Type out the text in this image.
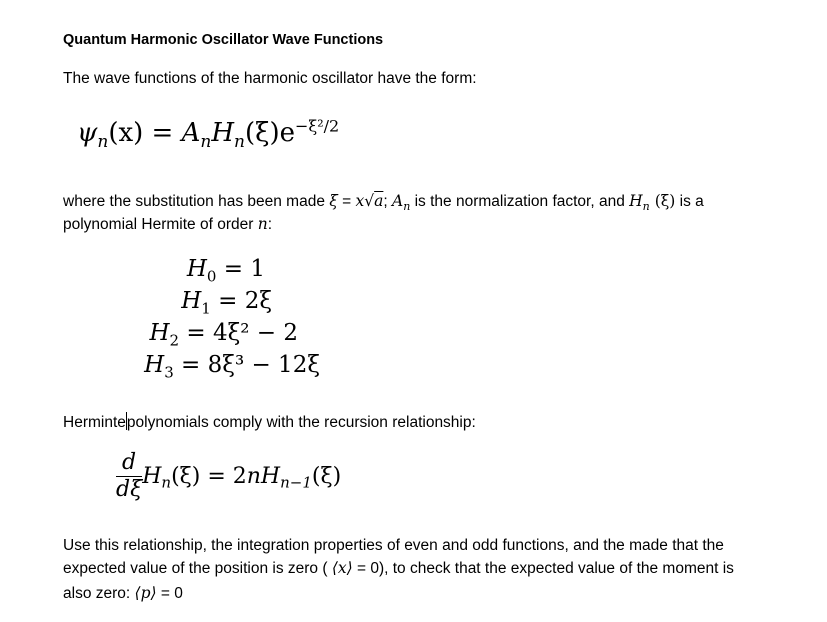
Quantum Harmonic Oscillator Wave Functions
The wave functions of the harmonic oscillator have the form:
$\psi_n(x) = A_nH_n(\xi)e^{-\xi^2/2}$
where the substitution has been made ξ = x√a; $A_n$ is the normalization factor, and $H_n$ (ξ) is a
polynomial Hermite of order n:
$H_0 = 1$
$H_1 = 2\xi$
$H_2 = 4\xi^2 - 2$
$H_3 = 8\xi^3 - 12\xi$
Hermintepolynomials comply with the recursion relationship:
$\frac{d}{d\xi} H_n(\xi) = 2nH_{n-1}(\xi)$
Use this relationship, the integration properties of even and odd functions, and the made that the
expected value of the position is zero ( ⟨x⟩ = 0), to check that the expected value of the moment is
also zero: ⟨p⟩ = 0
